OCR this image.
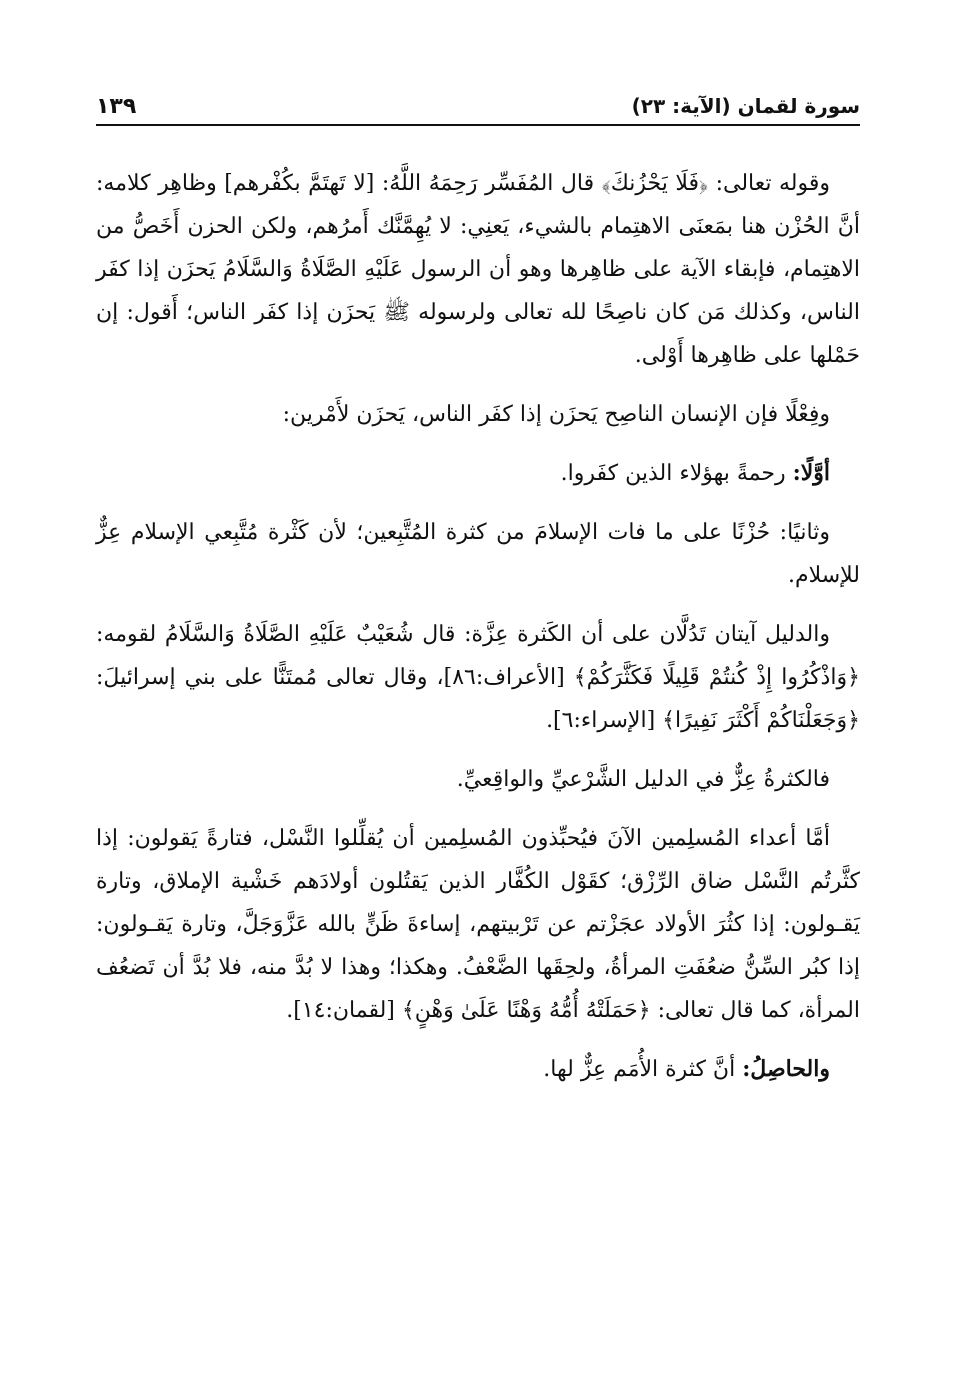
سورة لقمان (الآية: ٢٣)
١٣٩

وقوله تعالى: ﴿فَلَا يَحْزُنكَ﴾ قال المُفَسِّر رَحِمَهُ اللَّهُ: [لا تَهتَمَّ بكُفْرهم] وظاهِر كلامه: أنَّ الحُزْن هنا بمَعنَى الاهتِمام بالشيء، يَعنِي: لا يُهِمَّنَّك أَمرُهم، ولكن الحزن أَخَصُّ من الاهتِمام، فإبقاء الآية على ظاهِرها وهو أن الرسول عَلَيْهِ الصَّلَاةُ وَالسَّلَامُ يَحزَن إذا كفَر الناس، وكذلك مَن كان ناصِحًا لله تعالى ولرسوله ﷺ يَحزَن إذا كفَر الناس؛ أَقول: إن حَمْلها على ظاهِرها أَوْلى.

وفِعْلًا فإن الإنسان الناصِح يَحزَن إذا كفَر الناس، يَحزَن لأَمْرين:

أوَّلًا: رحمةً بهؤلاء الذين كفَروا.

وثانيًا: حُزْنًا على ما فات الإسلامَ من كثرة المُتَّبِعين؛ لأن كَثْرة مُتَّبِعي الإسلام عِزٌّ للإسلام.

والدليل آيتان تَدُلَّان على أن الكَثرة عِزَّة: قال شُعَيْبٌ عَلَيْهِ الصَّلَاةُ وَالسَّلَامُ لقومه: ﴿وَاذْكُرُوا إِذْ كُنتُمْ قَلِيلًا فَكَثَّرَكُمْ﴾ [الأعراف:٨٦]، وقال تعالى مُمتَنًّا على بني إسرائيلَ: ﴿وَجَعَلْنَاكُمْ أَكْثَرَ نَفِيرًا﴾ [الإسراء:٦].

فالكثرةُ عِزٌّ في الدليل الشَّرْعيِّ والواقِعيِّ.

أمَّا أعداء المُسلِمين الآنَ فيُحبِّذون المُسلِمين أن يُقلِّلوا النَّسْل، فتارةً يَقولون: إذا كثَّرتُم النَّسْل ضاق الرِّزْق؛ كقَوْل الكُفَّار الذين يَقتُلون أولادَهم خَشْية الإملاق، وتارة يَقـولون: إذا كثُرَ الأولاد عجَزْتم عن تَرْبيتهم، إساءةَ ظَنٍّ بالله عَزَّوَجَلَّ، وتارة يَقـولون: إذا كبُر السِّنُّ ضعُفَتِ المرأةُ، ولحِقَها الضَّعْفُ. وهكذا؛ وهذا لا بُدَّ منه، فلا بُدَّ أن تَضعُف المرأة، كما قال تعالى: ﴿حَمَلَتْهُ أُمُّهُ وَهْنًا عَلَىٰ وَهْنٍ﴾ [لقمان:١٤].

والحاصِلُ: أنَّ كثرة الأُمَم عِزٌّ لها.
